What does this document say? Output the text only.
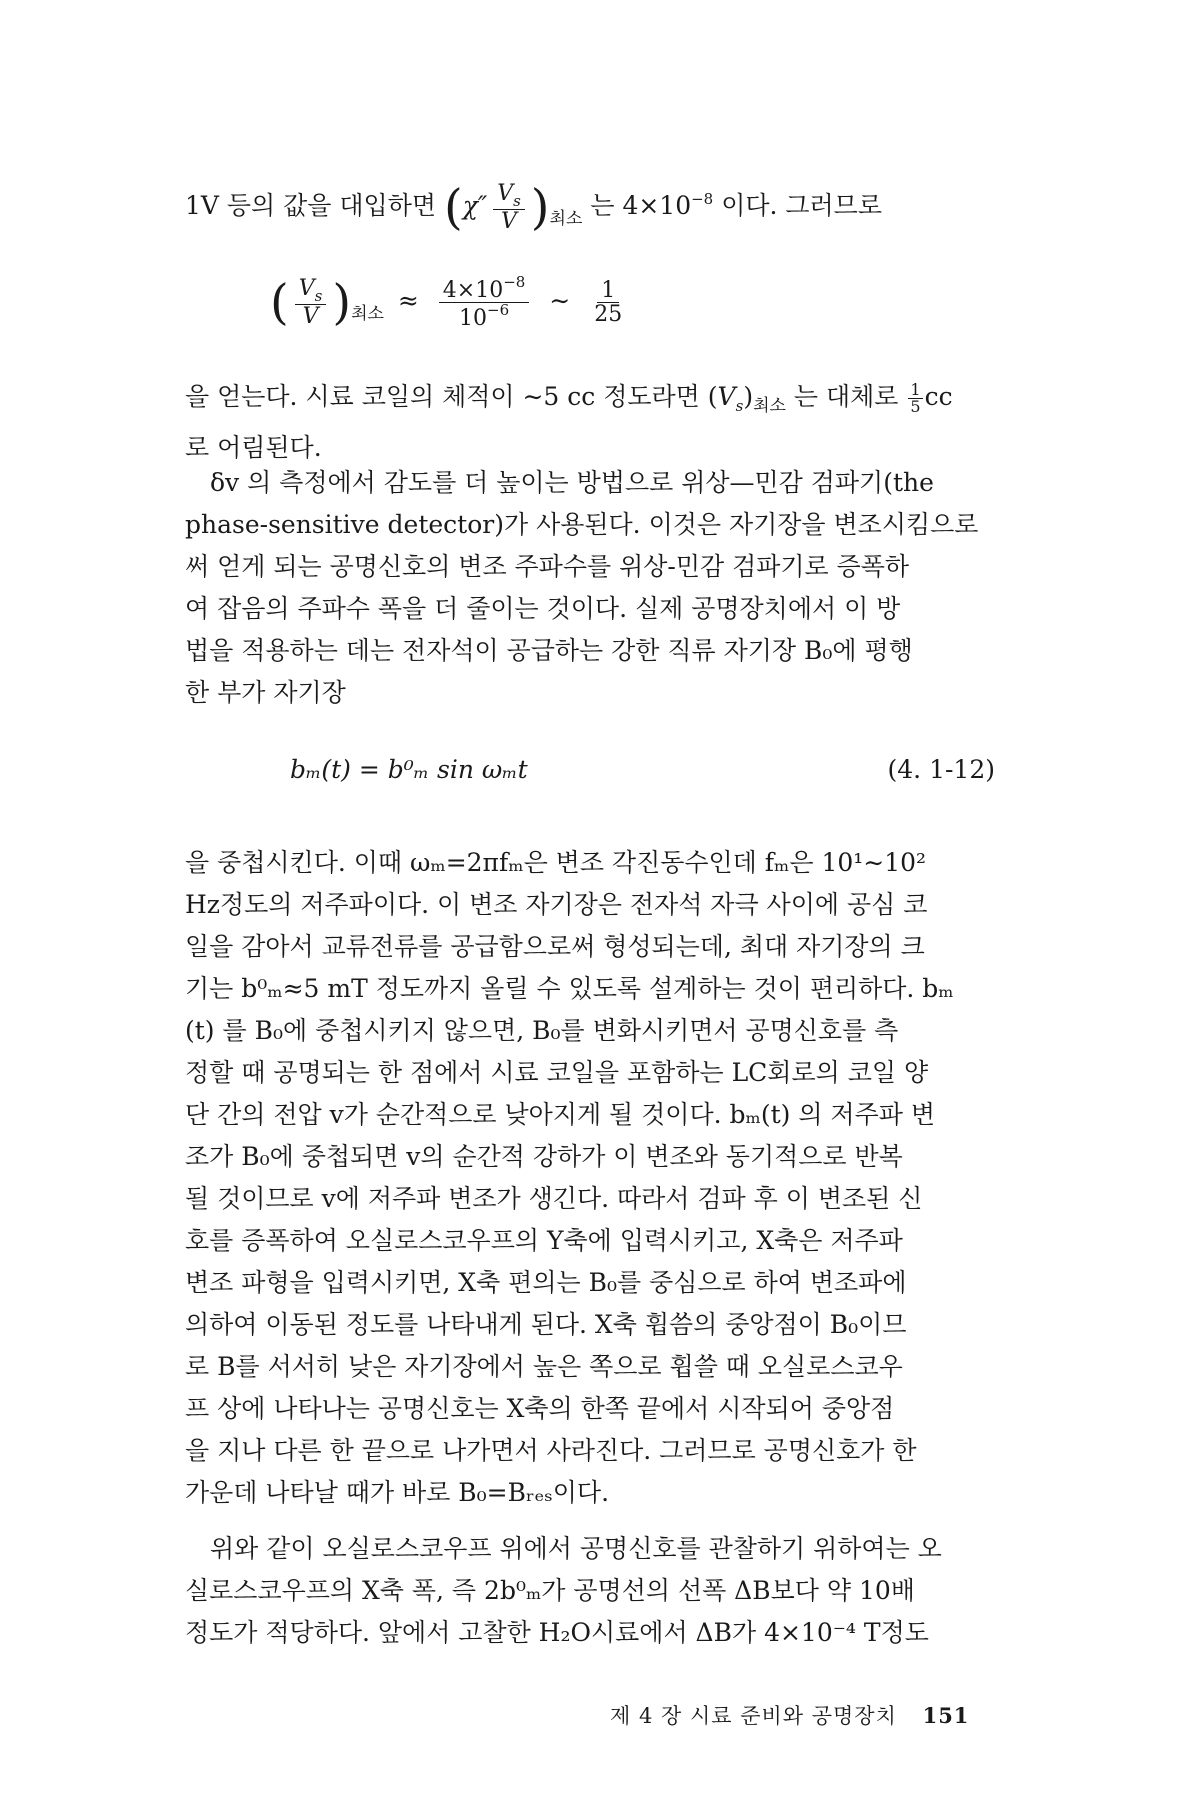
1V 등의 값을 대입하면 $(\chi'' \frac{V_s}{V} )_{최소}$ 는 $4\times 10^{-8}$ 이다. 그러므로
( $\frac{V_s}{V} )_{최소} \approx \frac{4\times 10^{-8}}{10^{-6}}$ ∼ $\frac{1}{25}$
을 얻는다. 시료 코일의 체적이 ∼5 cc 정도라면 $(V_s)_{최소}$ 는 대체로 $\frac{1}{5}$ cc
로 어림된다.
δv 의 측정에서 감도를 더 높이는 방법으로 위상—민감 검파기(the
phase-sensitive detector)가 사용된다. 이것은 자기장을 변조시킴으로
써 얻게 되는 공명신호의 변조 주파수를 위상-민감 검파기로 증폭하
여 잡음의 주파수 폭을 더 줄이는 것이다. 실제 공명장치에서 이 방
법을 적용하는 데는 전자석이 공급하는 강한 직류 자기장 B₀에 평행
한 부가 자기장
bₘ(t) = b⁰ₘ sin ωₘt	(4. 1-12)
을 중첩시킨다. 이때 ωₘ=2πfₘ은 변조 각진동수인데 fₘ은 10¹∼10²
Hz정도의 저주파이다. 이 변조 자기장은 전자석 자극 사이에 공심 코
일을 감아서 교류전류를 공급함으로써 형성되는데, 최대 자기장의 크
기는 b⁰ₘ≈5 mT 정도까지 올릴 수 있도록 설계하는 것이 편리하다. bₘ
(t) 를 B₀에 중첩시키지 않으면, B₀를 변화시키면서 공명신호를 측
정할 때 공명되는 한 점에서 시료 코일을 포함하는 LC회로의 코일 양
단 간의 전압 v가 순간적으로 낮아지게 될 것이다. bₘ(t) 의 저주파 변
조가 B₀에 중첩되면 v의 순간적 강하가 이 변조와 동기적으로 반복
될 것이므로 v에 저주파 변조가 생긴다. 따라서 검파 후 이 변조된 신
호를 증폭하여 오실로스코우프의 Y축에 입력시키고, X축은 저주파
변조 파형을 입력시키면, X축 편의는 B₀를 중심으로 하여 변조파에
의하여 이동된 정도를 나타내게 된다. X축 휩씀의 중앙점이 B₀이므
로 B를 서서히 낮은 자기장에서 높은 쪽으로 휩쓸 때 오실로스코우
프 상에 나타나는 공명신호는 X축의 한쪽 끝에서 시작되어 중앙점
을 지나 다른 한 끝으로 나가면서 사라진다. 그러므로 공명신호가 한
가운데 나타날 때가 바로 B₀=Bᵣₑₛ이다.
위와 같이 오실로스코우프 위에서 공명신호를 관찰하기 위하여는 오
실로스코우프의 X축 폭, 즉 2b⁰ₘ가 공명선의 선폭 ΔB보다 약 10배
정도가 적당하다. 앞에서 고찰한 H₂O시료에서 ΔB가 4×10⁻⁴ T정도
제 4 장 시료 준비와 공명장치 151
